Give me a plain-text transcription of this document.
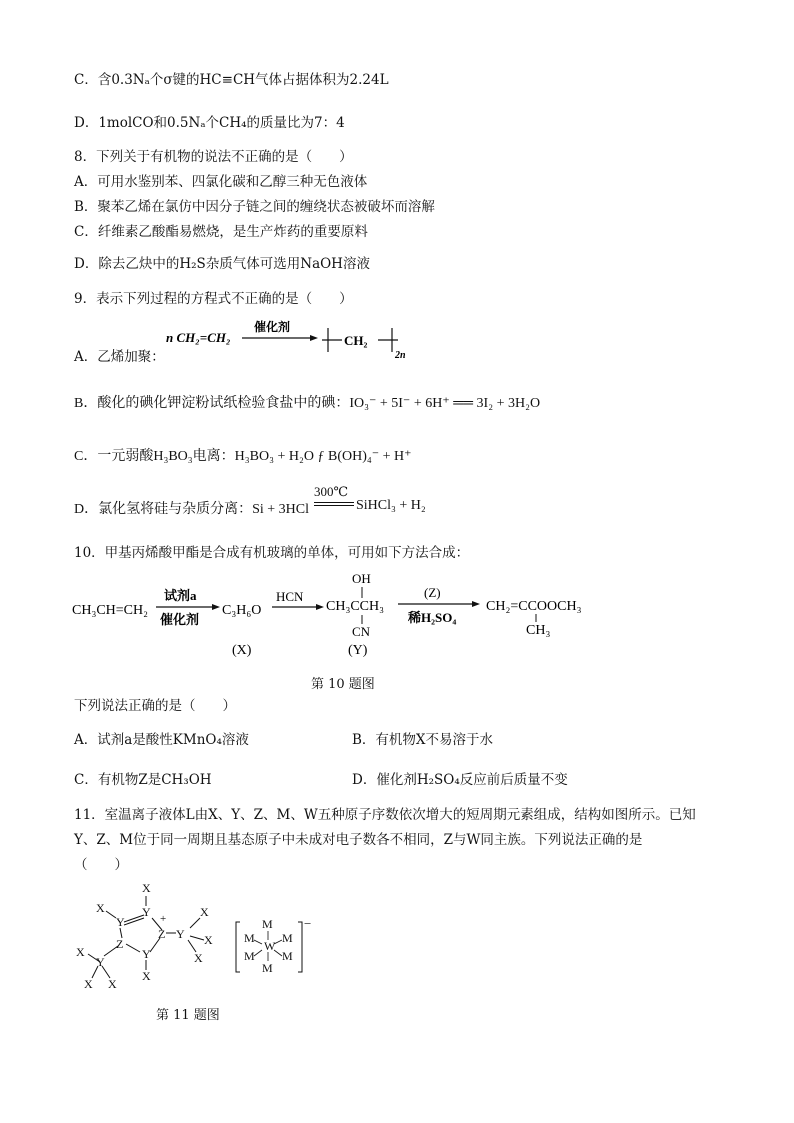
C．含0.3Nₐ个σ键的HC≡CH气体占据体积为2.24L
D．1molCO和0.5Nₐ个CH₄的质量比为7：4
8．下列关于有机物的说法不正确的是（　　）
A．可用水鉴别苯、四氯化碳和乙醇三种无色液体
B．聚苯乙烯在氯仿中因分子链之间的缠绕状态被破坏而溶解
C．纤维素乙酸酯易燃烧，是生产炸药的重要原料
D．除去乙炔中的H₂S杂质气体可选用NaOH溶液
9．表示下列过程的方程式不正确的是（　　）
A．乙烯加聚：
n CH₂=CH₂
催化剂
CH₂
2n
B．酸化的碘化钾淀粉试纸检验食盐中的碘：IO₃⁻ + 5I⁻ + 6H⁺ ══ 3I₂ + 3H₂O
C．一元弱酸H₃BO₃电离：H₃BO₃ + H₂O ƒ B(OH)₄⁻ + H⁺
D．氯化氢将硅与杂质分离：Si + 3HCl
300℃
SiHCl₃ + H₂
10．甲基丙烯酸甲酯是合成有机玻璃的单体，可用如下方法合成：
CH₃CH=CH₂
试剂a
催化剂
C₃H₆O
(X)
HCN
OH
CH₃CCH₃
CN
(Y)
(Z)
稀H₂SO₄
CH₂=CCOOCH₃
CH₃
第 10 题图
下列说法正确的是（　　）
A．试剂a是酸性KMnO₄溶液	B．有机物X不易溶于水
C．有机物Z是CH₃OH	D．催化剂H₂SO₄反应前后质量不变
11．室温离子液体L由X、Y、Z、M、W五种原子序数依次增大的短周期元素组成，结构如图所示。已知
Y、Z、M位于同一周期且基态原子中未成对电子数各不相同，Z与W同主族。下列说法正确的是
（　　）
X
X
Y
Y +
Z Y
X
X
X
Y
X
Z
Y
X
X X
−
M
M M
W
M M
M
第 11 题图
